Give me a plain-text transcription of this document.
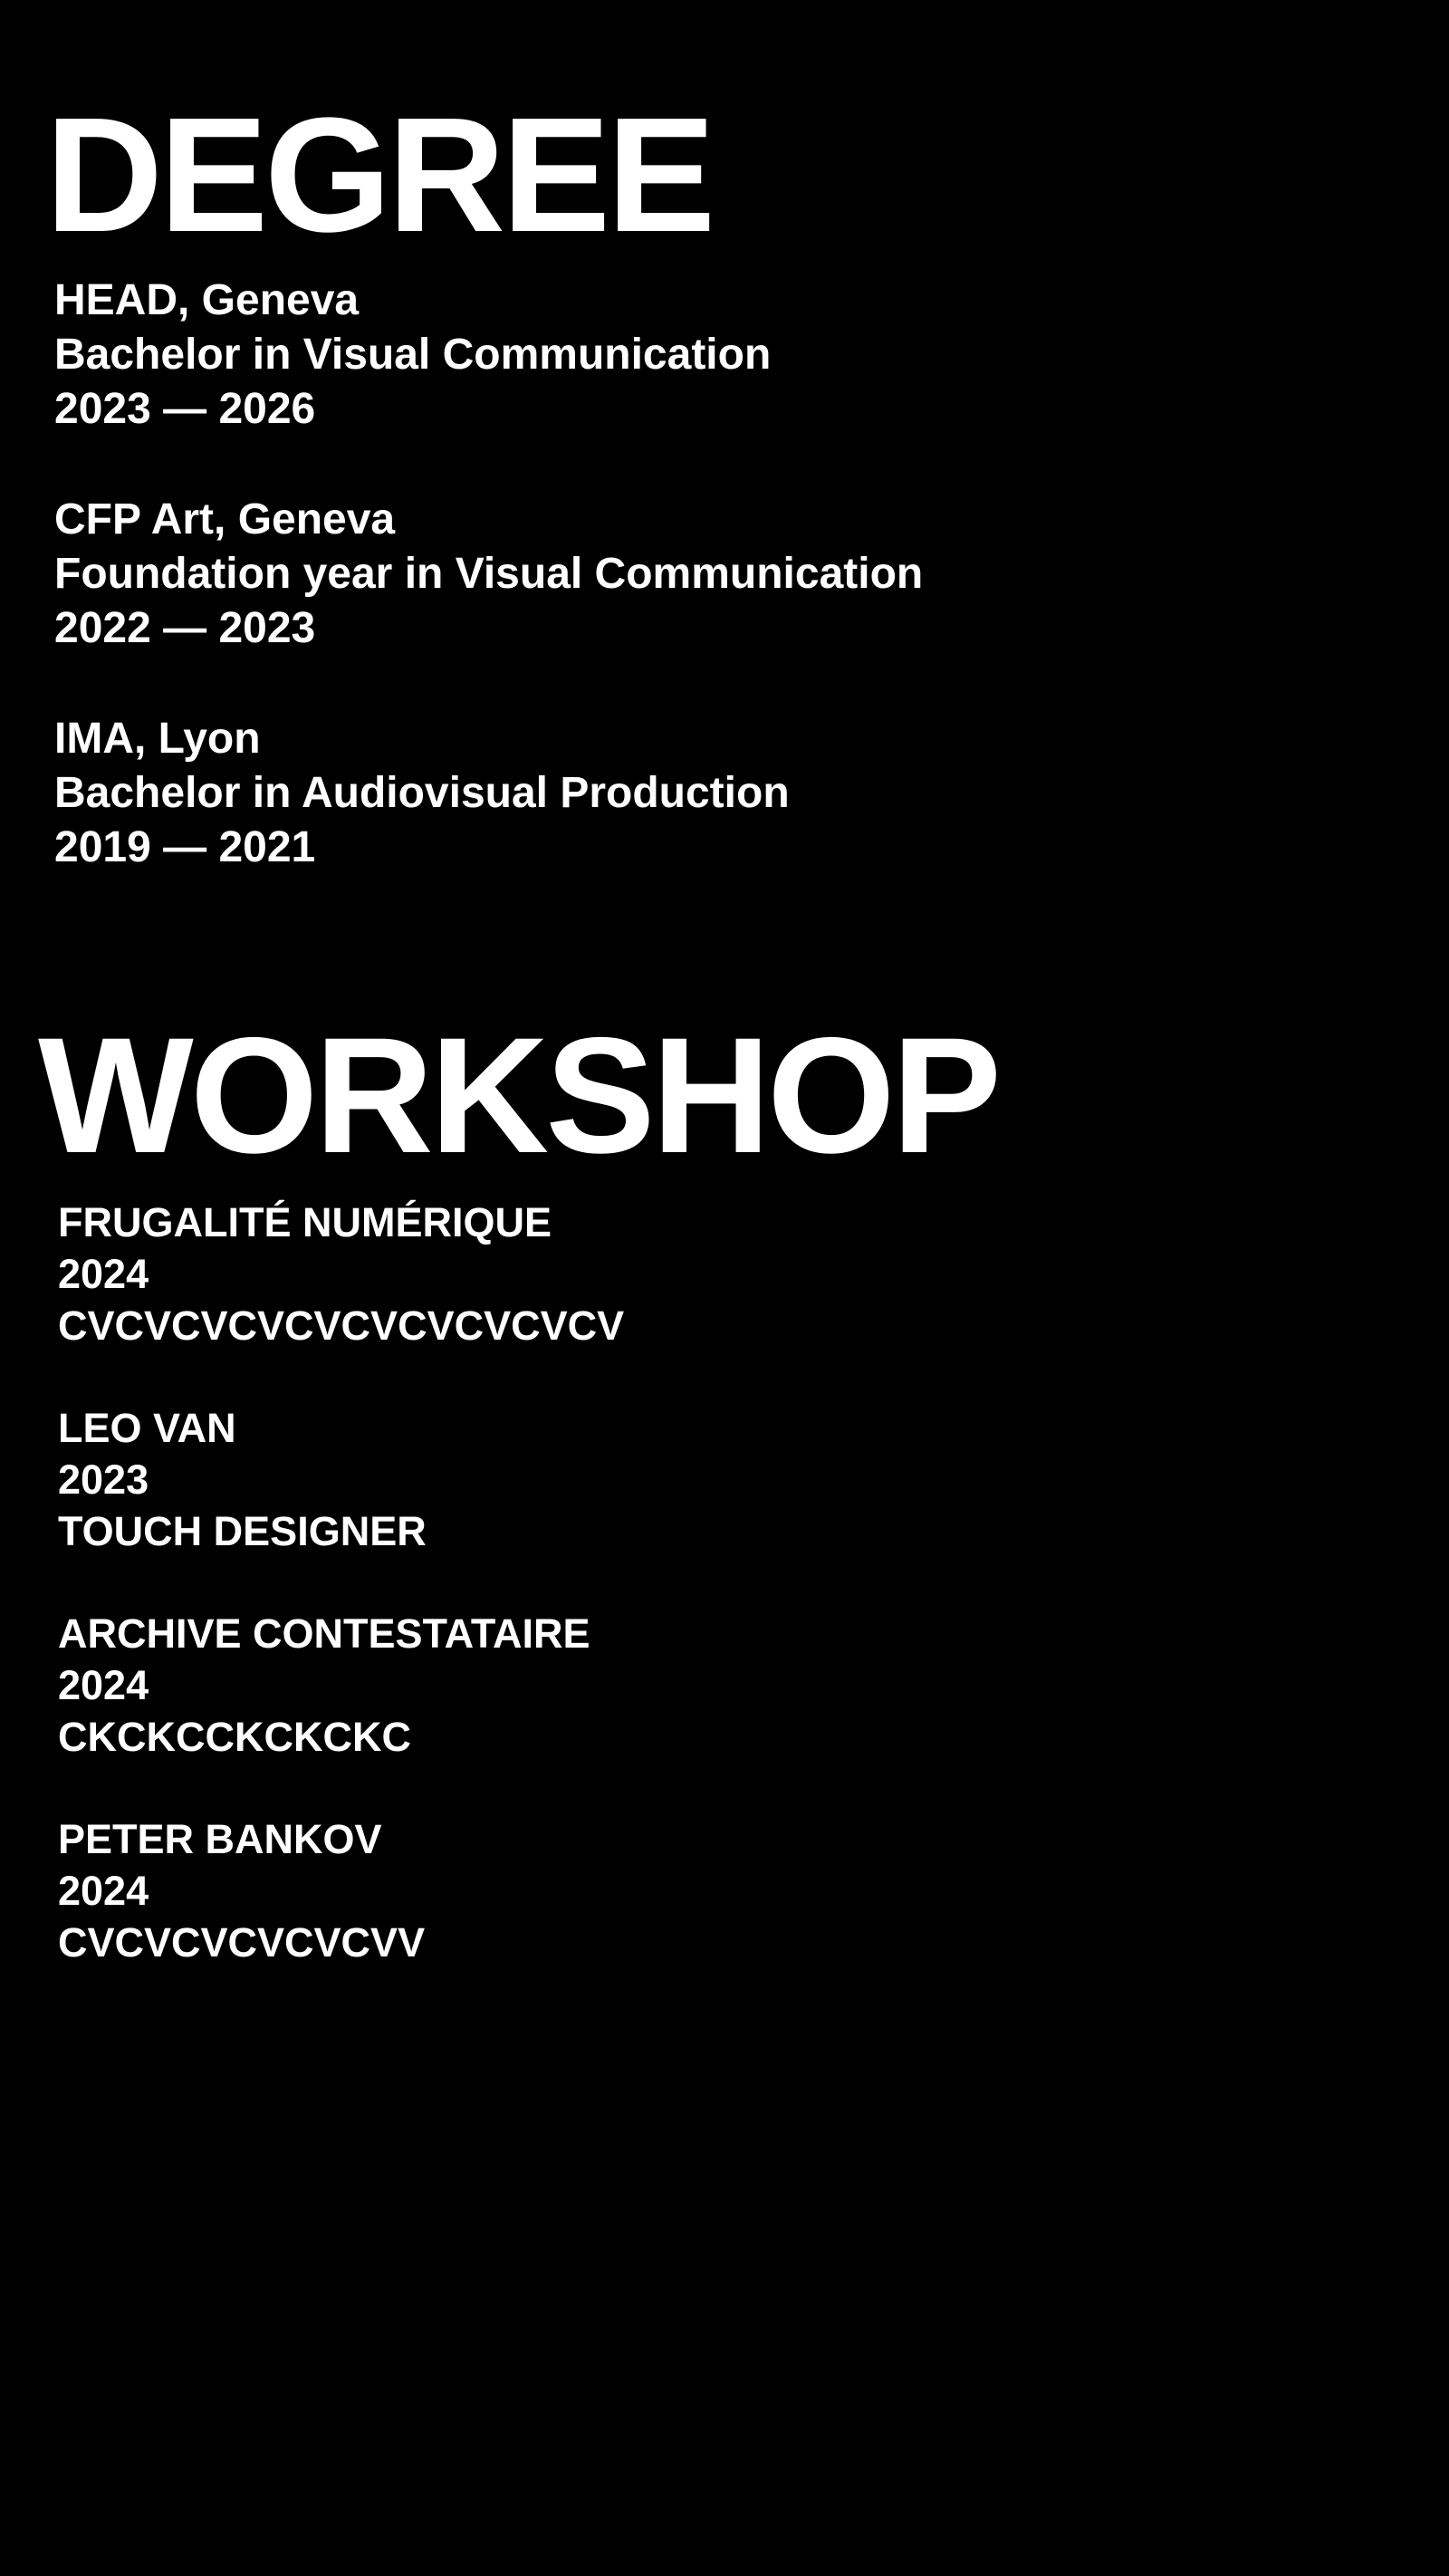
DEGREE
HEAD, Geneva
Bachelor in Visual Communication
2023 — 2026
CFP Art, Geneva
Foundation year in Visual Communication
2022 — 2023
IMA, Lyon
Bachelor in Audiovisual Production
2019 — 2021
WORKSHOP
FRUGALITÉ NUMÉRIQUE
2024
CVCVCVCVCVCVCVCVCVCV
LEO VAN
2023
TOUCH DESIGNER
ARCHIVE CONTESTATAIRE
2024
CKCKCCKCKCKC
PETER BANKOV
2024
CVCVCVCVCVCVV
